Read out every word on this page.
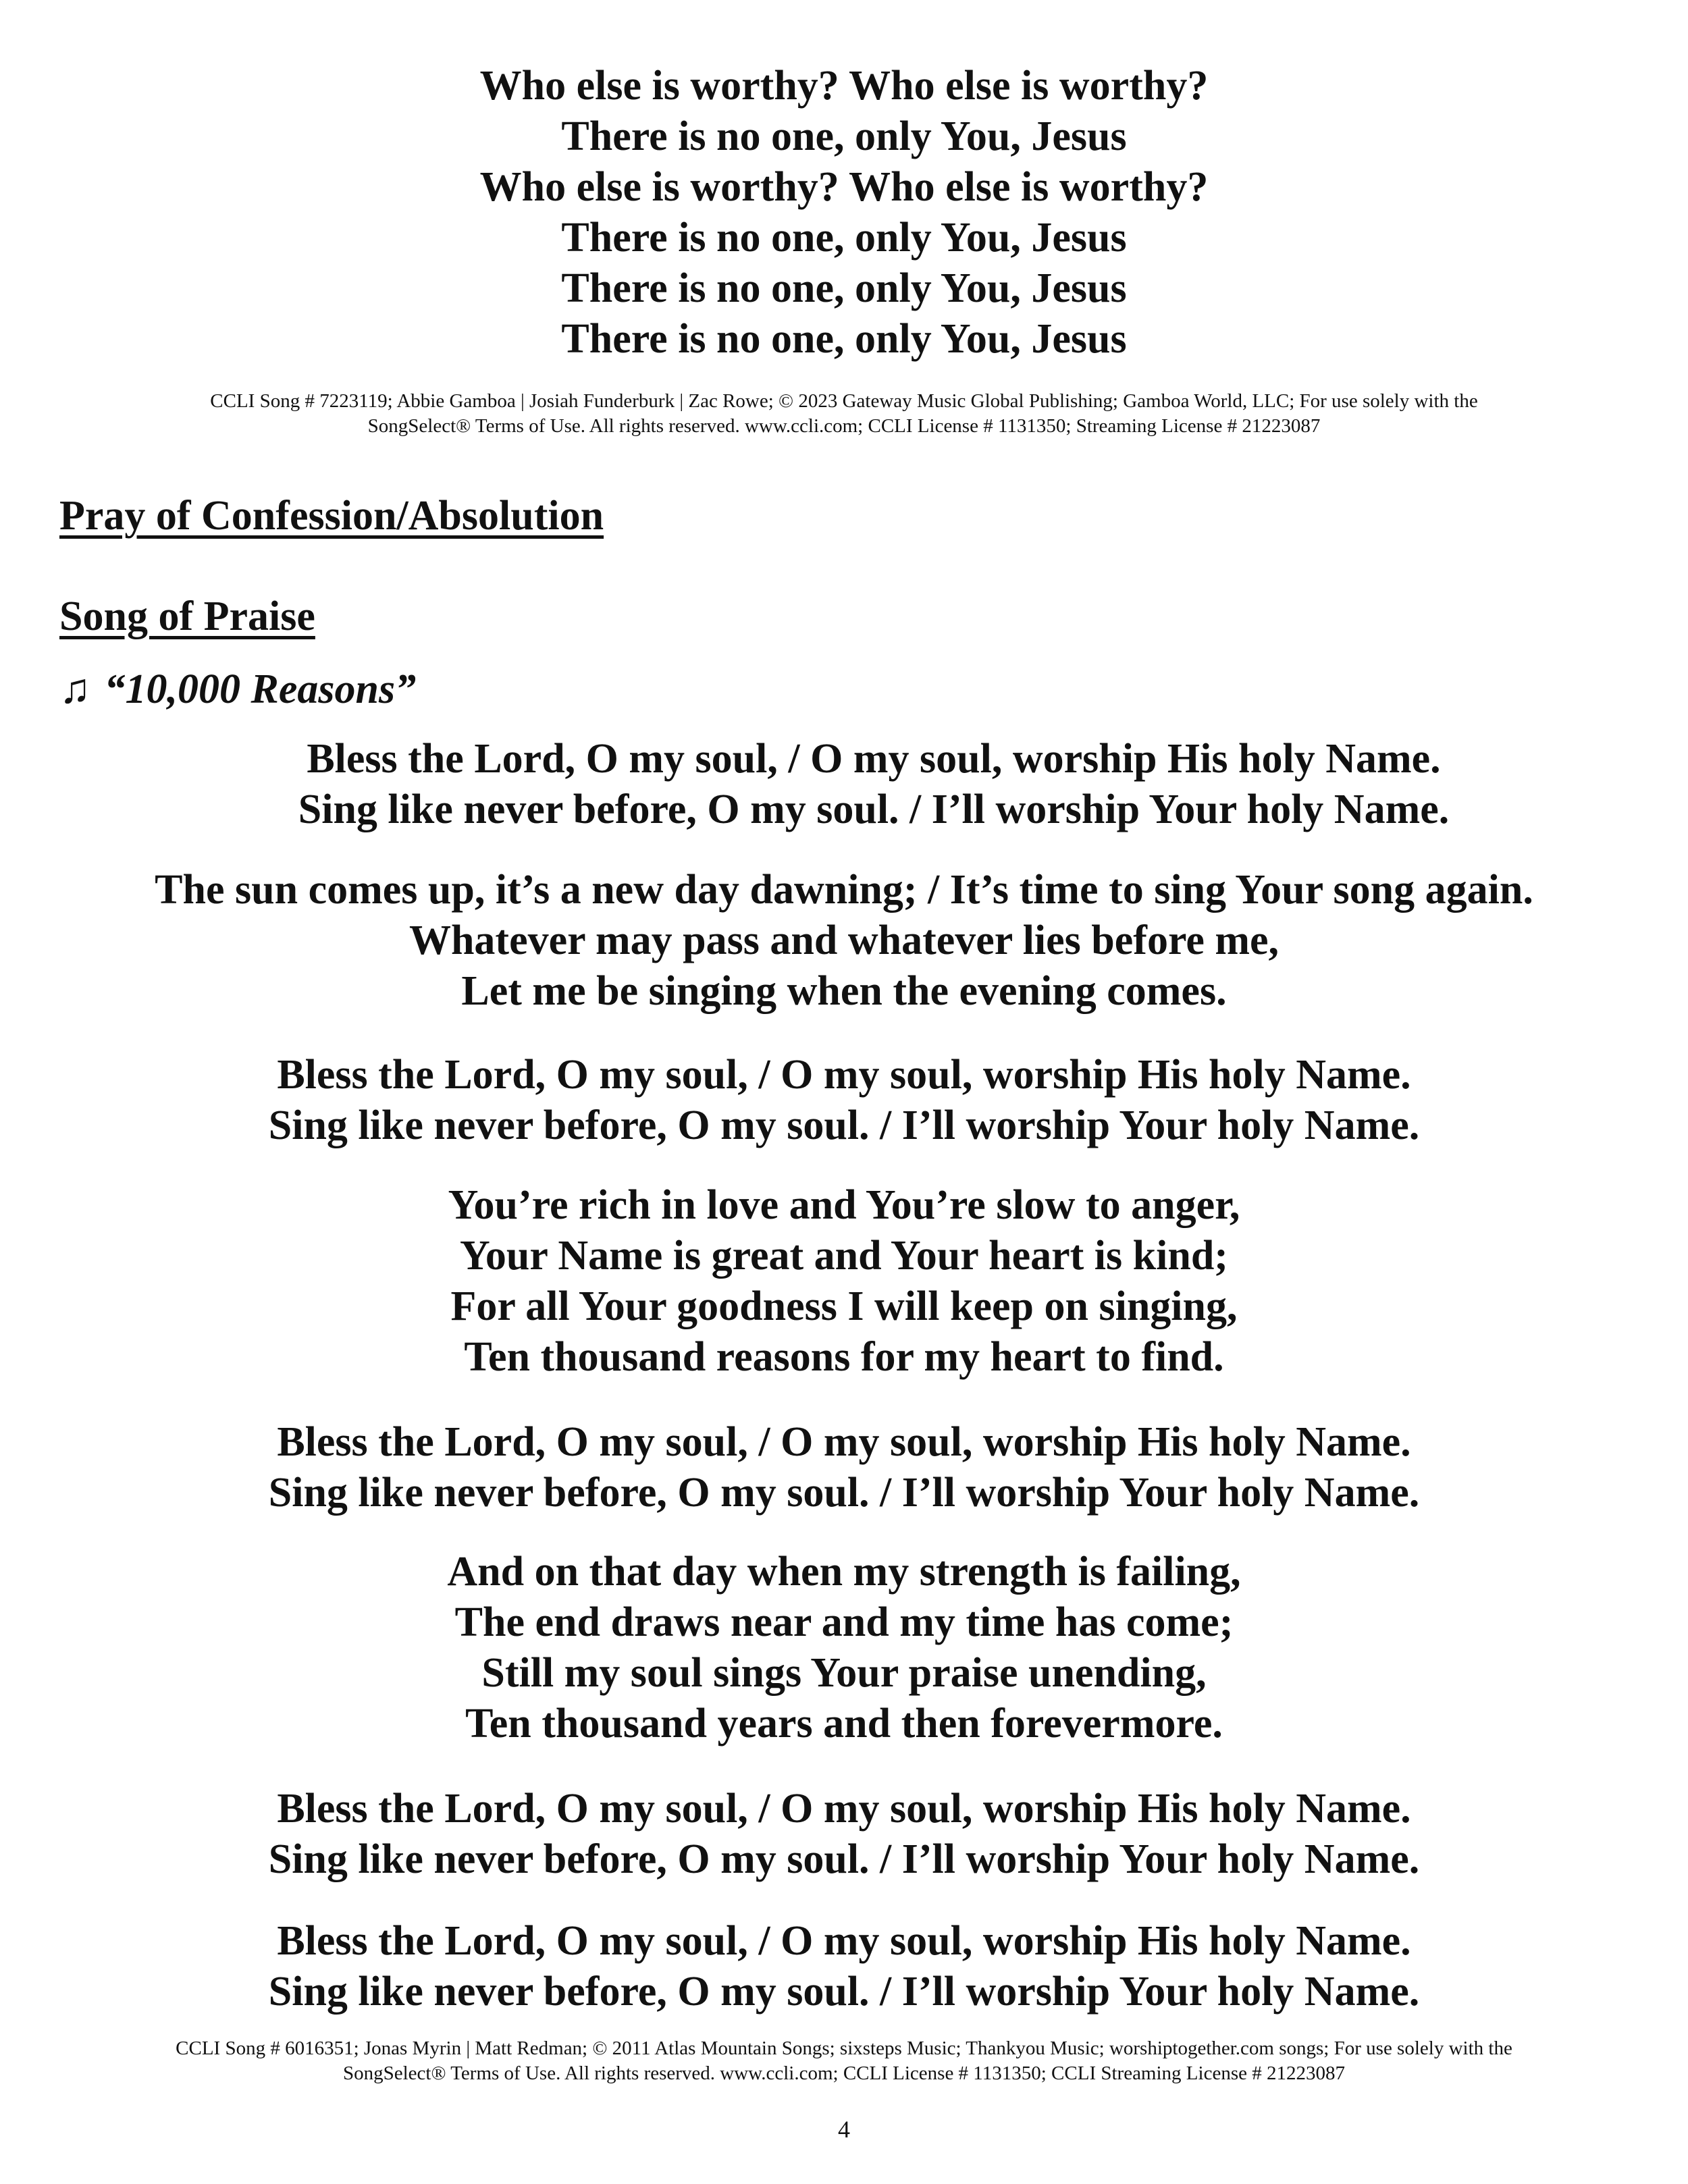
Who else is worthy? Who else is worthy?
There is no one, only You, Jesus
Who else is worthy? Who else is worthy?
There is no one, only You, Jesus
There is no one, only You, Jesus
There is no one, only You, Jesus
CCLI Song # 7223119; Abbie Gamboa | Josiah Funderburk | Zac Rowe; © 2023 Gateway Music Global Publishing; Gamboa World, LLC; For use solely with the
SongSelect® Terms of Use. All rights reserved. www.ccli.com; CCLI License # 1131350; Streaming License # 21223087
Pray of Confession/Absolution
Song of Praise
♫ “10,000 Reasons”
Bless the Lord, O my soul, / O my soul, worship His holy Name.
Sing like never before, O my soul. / I’ll worship Your holy Name.
The sun comes up, it’s a new day dawning; / It’s time to sing Your song again.
Whatever may pass and whatever lies before me,
Let me be singing when the evening comes.
Bless the Lord, O my soul, / O my soul, worship His holy Name.
Sing like never before, O my soul. / I’ll worship Your holy Name.
You’re rich in love and You’re slow to anger,
Your Name is great and Your heart is kind;
For all Your goodness I will keep on singing,
Ten thousand reasons for my heart to find.
Bless the Lord, O my soul, / O my soul, worship His holy Name.
Sing like never before, O my soul. / I’ll worship Your holy Name.
And on that day when my strength is failing,
The end draws near and my time has come;
Still my soul sings Your praise unending,
Ten thousand years and then forevermore.
Bless the Lord, O my soul, / O my soul, worship His holy Name.
Sing like never before, O my soul. / I’ll worship Your holy Name.
Bless the Lord, O my soul, / O my soul, worship His holy Name.
Sing like never before, O my soul. / I’ll worship Your holy Name.
CCLI Song # 6016351; Jonas Myrin | Matt Redman; © 2011 Atlas Mountain Songs; sixsteps Music; Thankyou Music; worshiptogether.com songs; For use solely with the
SongSelect® Terms of Use. All rights reserved. www.ccli.com; CCLI License # 1131350; CCLI Streaming License # 21223087
4
